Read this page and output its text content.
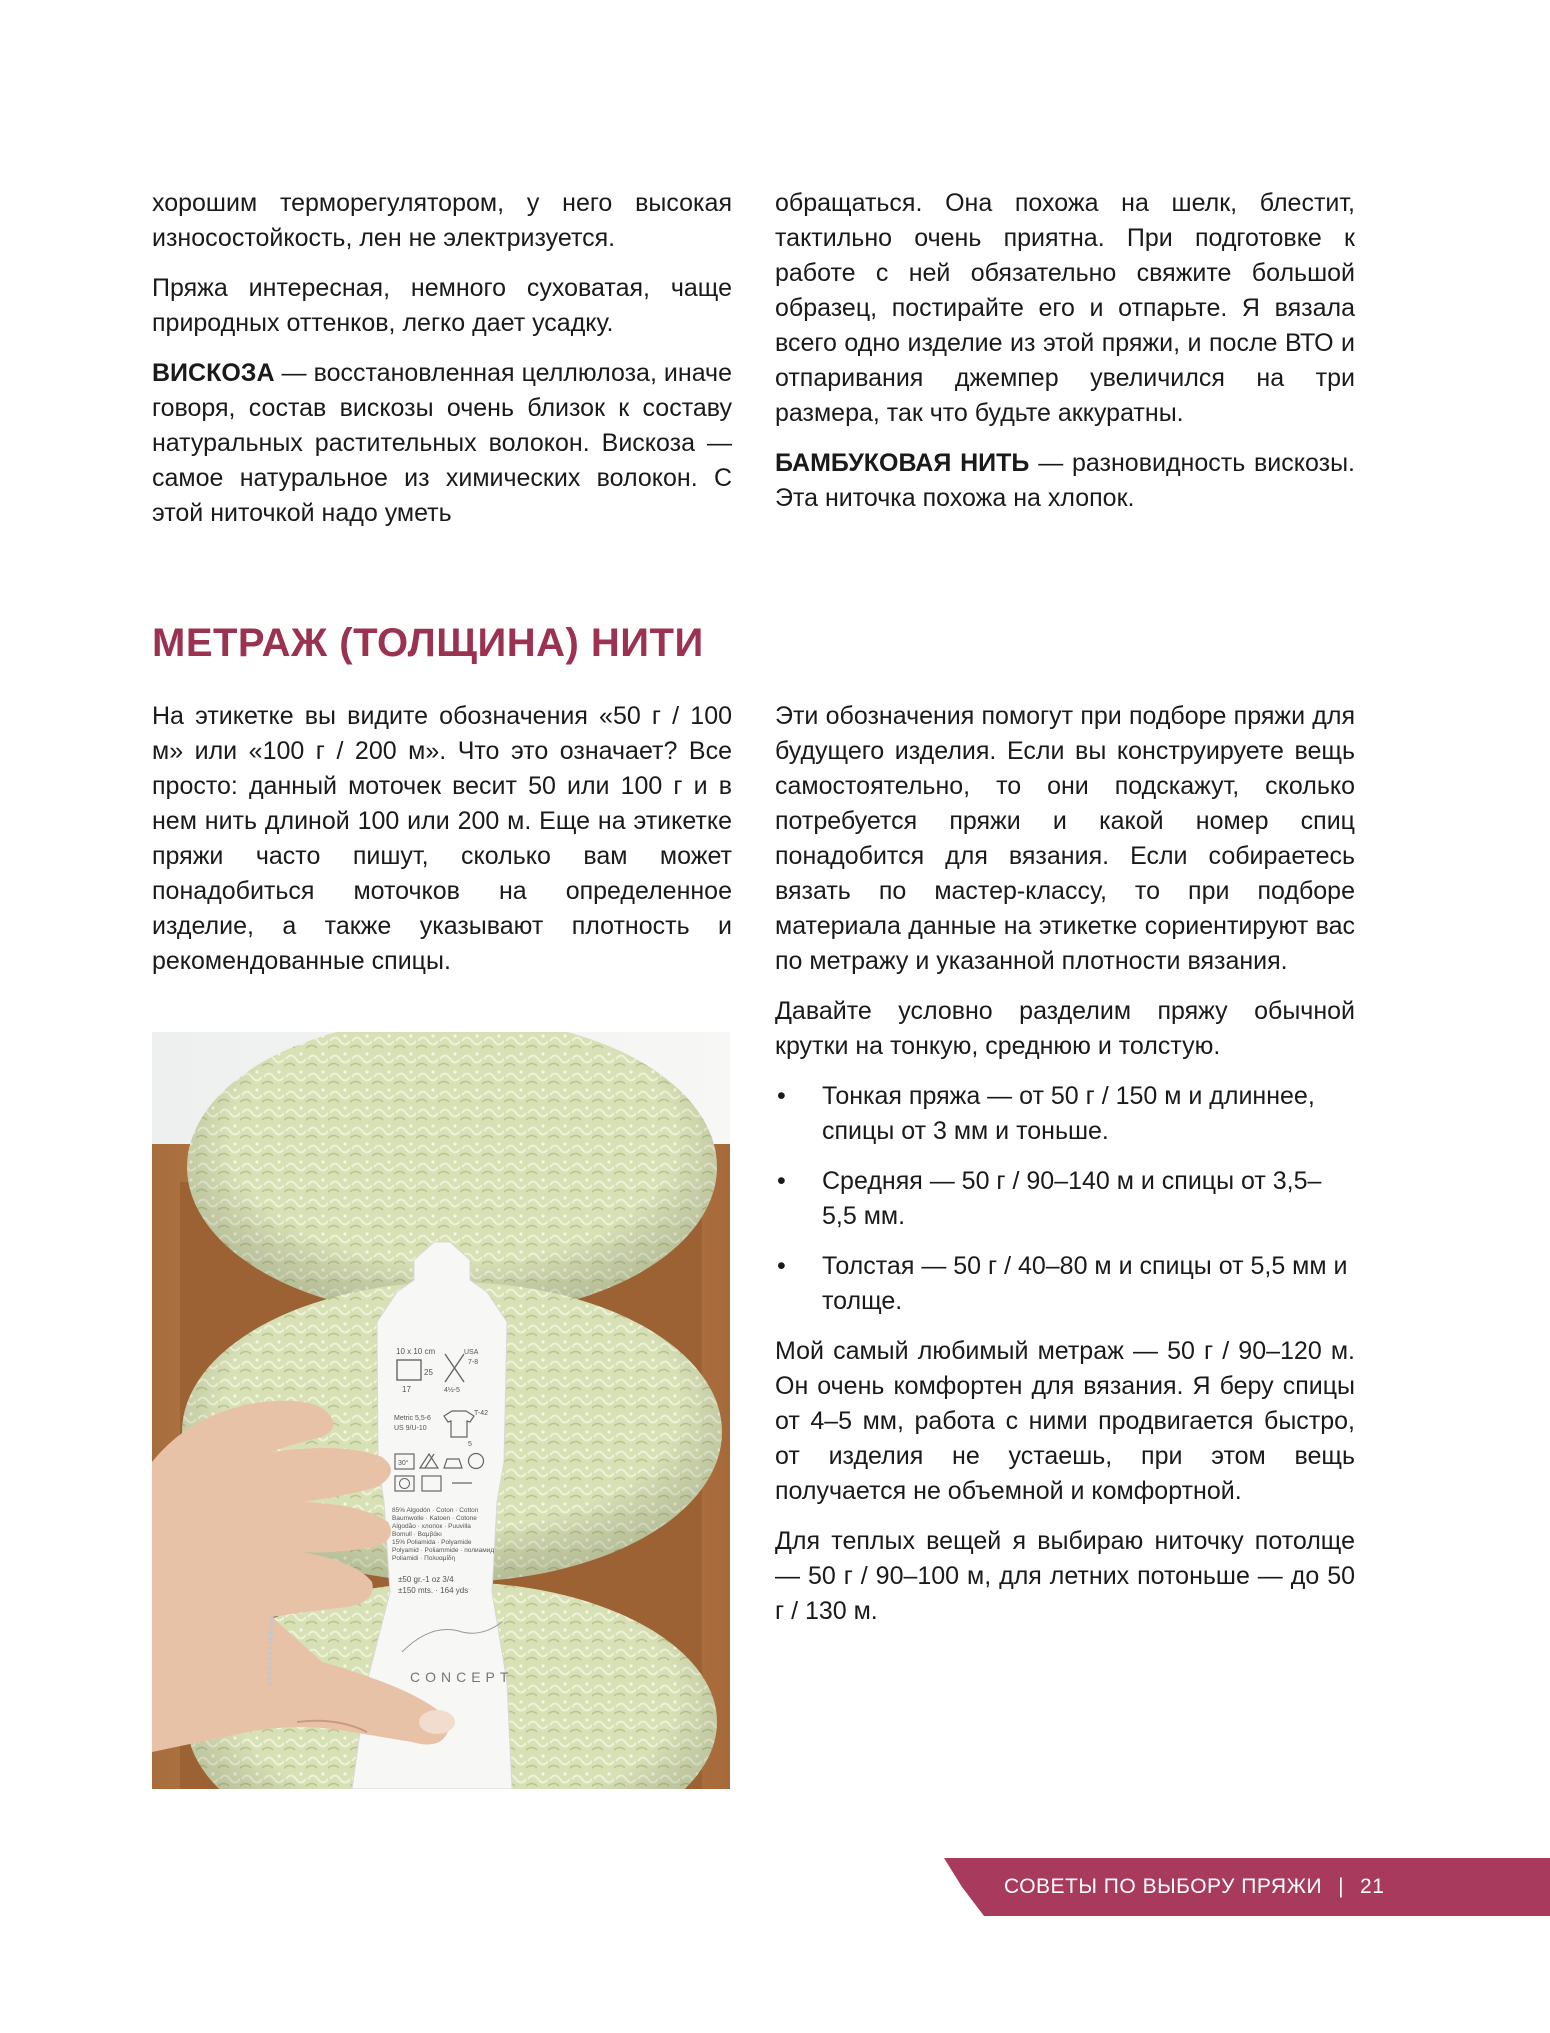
хорошим терморегулятором, у него высокая износостойкость, лен не электризуется.

Пряжа интересная, немного суховатая, чаще природных оттенков, легко дает усадку.

ВИСКОЗА — восстановленная целлюлоза, иначе говоря, состав вискозы очень близок к составу натуральных растительных волокон. Вискоза — самое натуральное из химических волокон. С этой ниточкой надо уметь

обращаться. Она похожа на шелк, блестит, тактильно очень приятна. При подготовке к работе с ней обязательно свяжите большой образец, постирайте его и отпарьте. Я вязала всего одно изделие из этой пряжи, и после ВТО и отпаривания джемпер увеличился на три размера, так что будьте аккуратны.

БАМБУКОВАЯ НИТЬ — разновидность вискозы. Эта ниточка похожа на хлопок.

МЕТРАЖ (ТОЛЩИНА) НИТИ

На этикетке вы видите обозначения «50 г / 100 м» или «100 г / 200 м». Что это означает? Все просто: данный моточек весит 50 или 100 г и в нем нить длиной 100 или 200 м. Еще на этикетке пряжи часто пишут, сколько вам может понадобиться моточков на определенное изделие, а также указывают плотность и рекомендованные спицы.

10 x 10 cm
25
17
USA
7-8
4½-5
Metric 5,5-6
US 9/U-10
T-42
5
30°
85% Algodón · Coton · Cotton
Baumwolle · Katoen · Cotone
Algodão · хлопок · Puuvilla
Bomull · Βαμβάκι
15% Poliamida · Polyamide
Polyamid · Poliammide · полиамид
Poliamidi · Πολυαμίδη
±50 gr.-1 oz 3/4
±150 mts. · 164 yds
CONCEPT

Эти обозначения помогут при подборе пряжи для будущего изделия. Если вы конструируете вещь самостоятельно, то они подскажут, сколько потребуется пряжи и какой номер спиц понадобится для вязания. Если собираетесь вязать по мастер-классу, то при подборе материала данные на этикетке сориентируют вас по метражу и указанной плотности вязания.

Давайте условно разделим пряжу обычной крутки на тонкую, среднюю и толстую.

• Тонкая пряжа — от 50 г / 150 м и длиннее, спицы от 3 мм и тоньше.
• Средняя — 50 г / 90–140 м и спицы от 3,5–5,5 мм.
• Толстая — 50 г / 40–80 м и спицы от 5,5 мм и толще.

Мой самый любимый метраж — 50 г / 90–120 м. Он очень комфортен для вязания. Я беру спицы от 4–5 мм, работа с ними продвигается быстро, от изделия не устаешь, при этом вещь получается не объемной и комфортной.

Для теплых вещей я выбираю ниточку потолще — 50 г / 90–100 м, для летних потоньше — до 50 г / 130 м.

СОВЕТЫ ПО ВЫБОРУ ПРЯЖИ | 21
